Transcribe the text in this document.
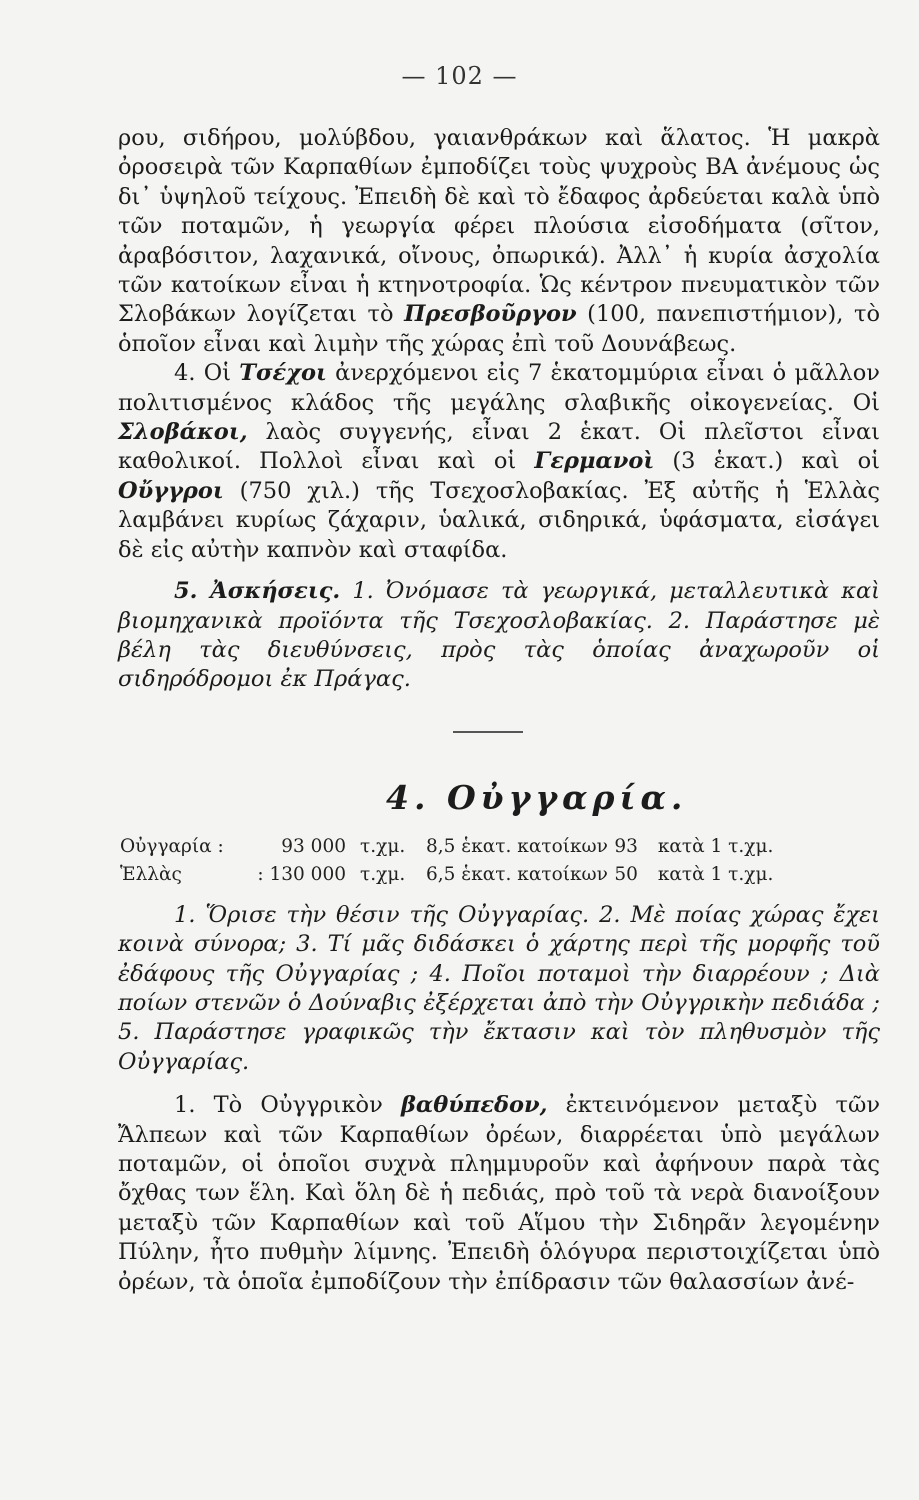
— 102 —

ρου, σιδήρου, μολύβδου, γαιανθράκων καὶ ἅλατος. Ἡ μακρὰ ὀροσειρὰ τῶν Καρπαθίων ἐμποδίζει τοὺς ψυχροὺς ΒΑ ἀνέμους ὡς δι᾿ ὑψηλοῦ τείχους. Ἐπειδὴ δὲ καὶ τὸ ἔδαφος ἀρδεύεται καλὰ ὑπὸ τῶν ποταμῶν, ἡ γεωργία φέρει πλούσια εἰσοδήματα (σῖτον, ἀραβόσιτον, λαχανικά, οἴνους, ὀπωρικά). Ἀλλ᾿ ἡ κυρία ἀσχολία τῶν κατοίκων εἶναι ἡ κτηνοτροφία. Ὡς κέντρον πνευματικὸν τῶν Σλοβάκων λογίζεται τὸ Πρεσβοῦργον (100, πανεπιστήμιον), τὸ ὁποῖον εἶναι καὶ λιμὴν τῆς χώρας ἐπὶ τοῦ Δουνάβεως.

4. Οἱ Τσέχοι ἀνερχόμενοι εἰς 7 ἑκατομμύρια εἶναι ὁ μᾶλλον πολιτισμένος κλάδος τῆς μεγάλης σλαβικῆς οἰκογενείας. Οἱ Σλοβάκοι, λαὸς συγγενής, εἶναι 2 ἑκατ. Οἱ πλεῖστοι εἶναι καθολικοί. Πολλοὶ εἶναι καὶ οἱ Γερμανοὶ (3 ἑκατ.) καὶ οἱ Οὔγγροι (750 χιλ.) τῆς Τσεχοσλοβακίας. Ἐξ αὐτῆς ἡ Ἑλλὰς λαμβάνει κυρίως ζάχαριν, ὑαλικά, σιδηρικά, ὑφάσματα, εἰσάγει δὲ εἰς αὐτὴν καπνὸν καὶ σταφίδα.

5. Ἀσκήσεις. 1. Ὀνόμασε τὰ γεωργικά, μεταλλευτικὰ καὶ βιομηχανικὰ προϊόντα τῆς Τσεχοσλοβακίας. 2. Παράστησε μὲ βέλη τὰς διευθύνσεις, πρὸς τὰς ὁποίας ἀναχωροῦν οἱ σιδηρόδρομοι ἐκ Πράγας.

4. Οὐγγαρία.
Οὐγγαρία :	93 000	τ.χμ.	8,5 ἑκατ. κατοίκων	93	κατὰ 1 τ.χμ.
Ἑλλὰς	: 130 000	τ.χμ.	6,5 ἑκατ. κατοίκων	50	κατὰ 1 τ.χμ.

1. Ὅρισε τὴν θέσιν τῆς Οὐγγαρίας. 2. Μὲ ποίας χώρας ἔχει κοινὰ σύνορα; 3. Τί μᾶς διδάσκει ὁ χάρτης περὶ τῆς μορφῆς τοῦ ἐδάφους τῆς Οὐγγαρίας ; 4. Ποῖοι ποταμοὶ τὴν διαρρέουν ; Διὰ ποίων στενῶν ὁ Δούναβις ἐξέρχεται ἀπὸ τὴν Οὐγγρικὴν πεδιάδα ; 5. Παράστησε γραφικῶς τὴν ἔκτασιν καὶ τὸν πληθυσμὸν τῆς Οὐγγαρίας.

1. Τὸ Οὐγγρικὸν βαθύπεδον, ἐκτεινόμενον μεταξὺ τῶν Ἄλπεων καὶ τῶν Καρπαθίων ὀρέων, διαρρέεται ὑπὸ μεγάλων ποταμῶν, οἱ ὁποῖοι συχνὰ πλημμυροῦν καὶ ἀφήνουν παρὰ τὰς ὄχθας των ἕλη. Καὶ ὅλη δὲ ἡ πεδιάς, πρὸ τοῦ τὰ νερὰ διανοίξουν μεταξὺ τῶν Καρπαθίων καὶ τοῦ Αἵμου τὴν Σιδηρᾶν λεγομένην Πύλην, ἦτο πυθμὴν λίμνης. Ἐπειδὴ ὁλόγυρα περιστοιχίζεται ὑπὸ ὀρέων, τὰ ὁποῖα ἐμποδίζουν τὴν ἐπίδρασιν τῶν θαλασσίων ἀνέ-
